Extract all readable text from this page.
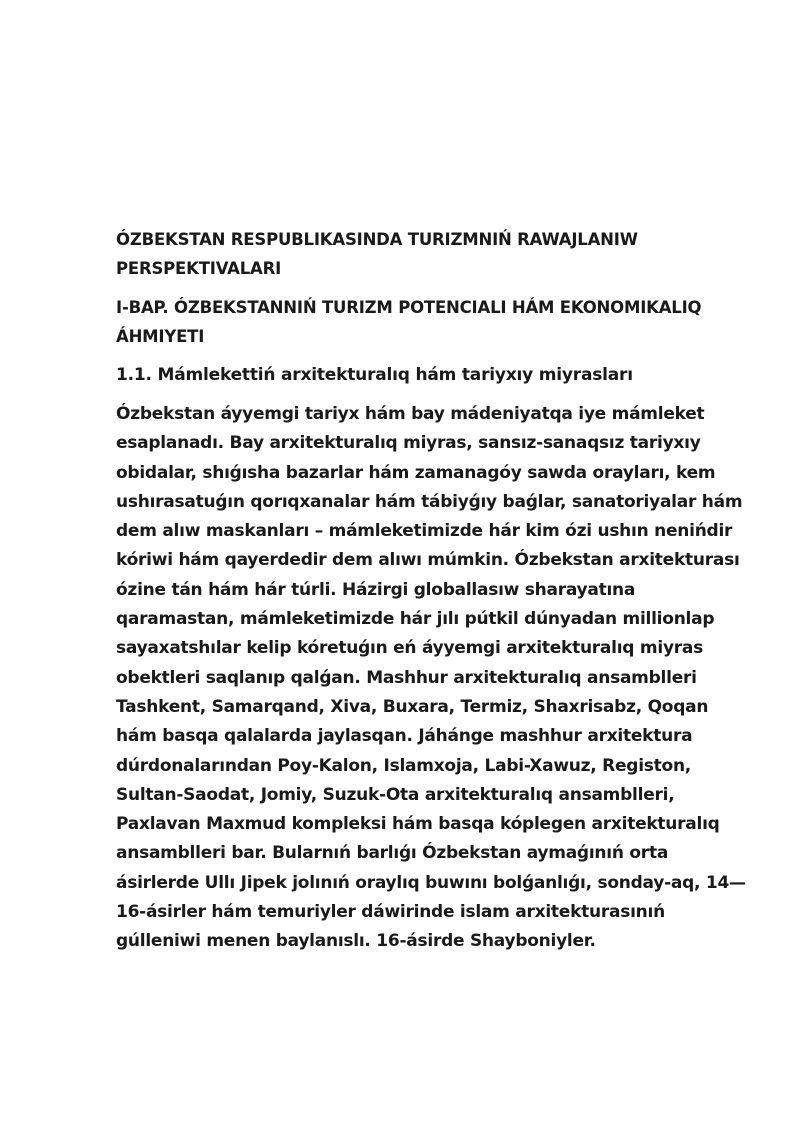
ÓZBEKSTAN RESPUBLIKASINDA TURIZMNIŃ RAWAJLANIW PERSPEKTIVALARI

I-BAP. ÓZBEKSTANNIŃ TURIZM POTENCIALI HÁM EKONOMIKALIQ ÁHMIYETI

1.1. Mámlekettiń arxitekturalıq hám tariyxıy miyrasları

Ózbekstan áyyemgi tariyx hám bay mádeniyatqa iye mámleket esaplanadı. Bay arxitekturalıq miyras, sansız-sanaqsız tariyxıy obidalar, shıǵısha bazarlar hám zamanagóy sawda orayları, kem ushırasatuǵın qorıqxanalar hám tábiyǵıy baǵlar, sanatoriyalar hám dem alıw maskanları – mámleketimizde hár kim ózi ushın nenińdir kóriwi hám qayerdedir dem alıwı múmkin. Ózbekstan arxitekturası ózine tán hám hár túrli. Házirgi globallasıw sharayatına qaramastan, mámleketimizde hár jılı pútkil dúnyadan millionlap sayaxatshılar kelip kóretuǵın eń áyyemgi arxitekturalıq miyras obektleri saqlanıp qalǵan. Mashhur arxitekturalıq ansamblleri Tashkent, Samarqand, Xiva, Buxara, Termiz, Shaxrisabz, Qoqan hám basqa qalalarda jaylasqan. Jáhánge mashhur arxitektura dúrdonalarından Poy-Kalon, Islamxoja, Labi-Xawuz, Registon, Sultan-Saodat, Jomiy, Suzuk-Ota arxitekturalıq ansamblleri, Paxlavan Maxmud kompleksi hám basqa kóplegen arxitekturalıq ansamblleri bar. Bularnıń barlıǵı Ózbekstan aymaǵınıń orta ásirlerde Ullı Jipek jolınıń oraylıq buwını bolǵanlıǵı, sonday-aq, 14—16-ásirler hám temuriyler dáwirinde islam arxitekturasınıń gúlleniwi menen baylanıslı. 16-ásirde Shayboniyler.
